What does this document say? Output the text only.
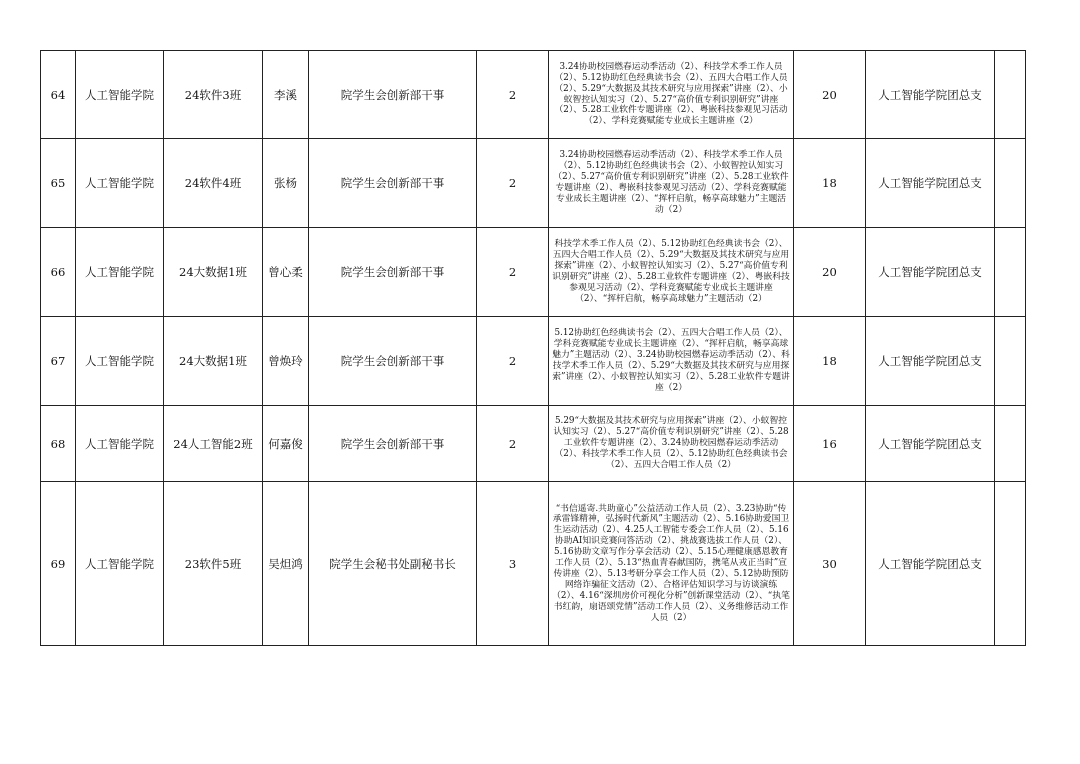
64	人工智能学院	24软件3班	李溪	院学生会创新部干事	2	3.24协助校园燃春运动季活动（2）、科技学术季工作人员（2）、5.12协助红色经典读书会（2）、五四大合唱工作人员（2）、5.29“大数据及其技术研究与应用探索”讲座（2）、小蚁智控认知实习（2）、5.27“高价值专利识别研究”讲座（2）、5.28工业软件专题讲座（2）、粤嵌科技参观见习活动（2）、学科竞赛赋能专业成长主题讲座（2）	20	人工智能学院团总支	
65	人工智能学院	24软件4班	张杨	院学生会创新部干事	2	3.24协助校园燃春运动季活动（2）、科技学术季工作人员（2）、5.12协助红色经典读书会（2）、小蚁智控认知实习（2）、5.27“高价值专利识别研究”讲座（2）、5.28工业软件专题讲座（2）、粤嵌科技参观见习活动（2）、学科竞赛赋能专业成长主题讲座（2）、“挥杆启航，畅享高球魅力”主题活动（2）	18	人工智能学院团总支	
66	人工智能学院	24大数据1班	曾心柔	院学生会创新部干事	2	科技学术季工作人员（2）、5.12协助红色经典读书会（2）、五四大合唱工作人员（2）、5.29“大数据及其技术研究与应用探索”讲座（2）、小蚁智控认知实习（2）、5.27“高价值专利识别研究”讲座（2）、5.28工业软件专题讲座（2）、粤嵌科技参观见习活动（2）、学科竞赛赋能专业成长主题讲座（2）、“挥杆启航，畅享高球魅力”主题活动（2）	20	人工智能学院团总支	
67	人工智能学院	24大数据1班	曾焕玲	院学生会创新部干事	2	5.12协助红色经典读书会（2）、五四大合唱工作人员（2）、学科竞赛赋能专业成长主题讲座（2）、“挥杆启航，畅享高球魅力”主题活动（2）、3.24协助校园燃春运动季活动（2）、科技学术季工作人员（2）、5.29“大数据及其技术研究与应用探索”讲座（2）、小蚁智控认知实习（2）、5.28工业软件专题讲座（2）	18	人工智能学院团总支	
68	人工智能学院	24人工智能2班	何嘉俊	院学生会创新部干事	2	5.29“大数据及其技术研究与应用探索”讲座（2）、小蚁智控认知实习（2）、5.27“高价值专利识别研究”讲座（2）、5.28工业软件专题讲座（2）、3.24协助校园燃春运动季活动（2）、科技学术季工作人员（2）、5.12协助红色经典读书会（2）、五四大合唱工作人员（2）	16	人工智能学院团总支	
69	人工智能学院	23软件5班	吴炟鸿	院学生会秘书处副秘书长	3	“书信遥寄.共助童心”公益活动工作人员（2）、3.23协助“传承雷锋精神，弘扬时代新风”主题活动（2）、5.16协助爱国卫生运动活动（2）、4.25人工智能专委会工作人员（2）、5.16协助AI知识竞赛问答活动（2）、挑战赛选拔工作人员（2）、5.16协助文章写作分享会活动（2）、5.15心理健康感恩教育工作人员（2）、5.13“热血青春献国防，携笔从戎正当时”宣传讲座（2）、5.13考研分享会工作人员（2）、5.12协助预防网络诈骗征文活动（2）、合格评估知识学习与访谈演练（2）、4.16“深圳房价可视化分析”创新课堂活动（2）、“执笔书红韵，扇语颂党情”活动工作人员（2）、义务维修活动工作人员（2）	30	人工智能学院团总支	
